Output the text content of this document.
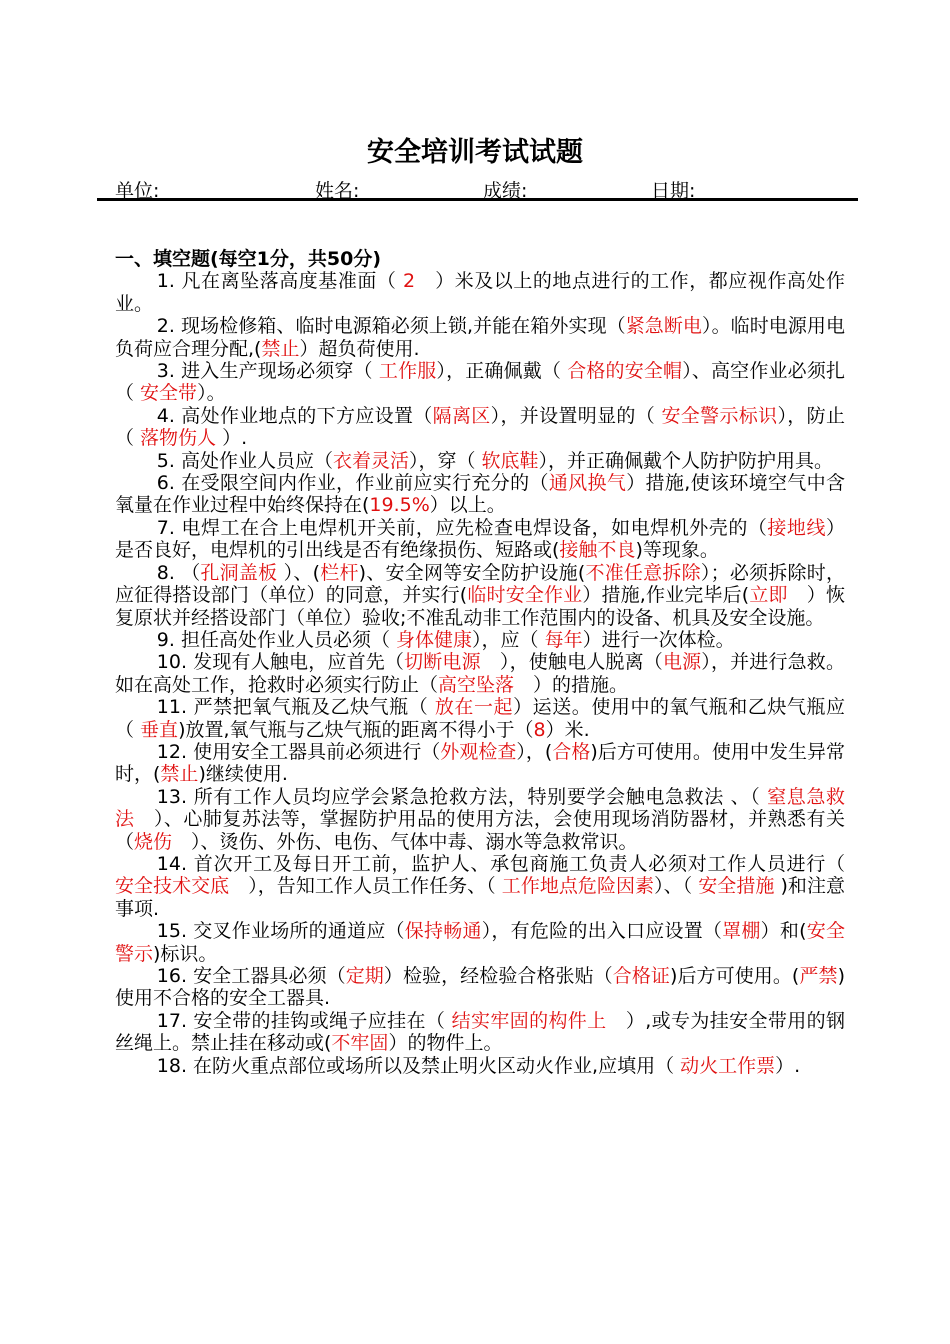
安全培训考试试题
单位:	姓名:	成绩:	日期:

一、填空题(每空1分，共50分)

1. 凡在离坠落高度基准面（ 2　）米及以上的地点进行的工作，都应视作高处作业。

2. 现场检修箱、临时电源箱必须上锁,并能在箱外实现（紧急断电）。临时电源用电负荷应合理分配,(禁止）超负荷使用.

3. 进入生产现场必须穿（ 工作服），正确佩戴（ 合格的安全帽）、高空作业必须扎（ 安全带）。

4. 高处作业地点的下方应设置（隔离区），并设置明显的（ 安全警示标识），防止（ 落物伤人 ）.

5. 高处作业人员应（衣着灵活），穿（ 软底鞋），并正确佩戴个人防护防护用具。

6. 在受限空间内作业，作业前应实行充分的（通风换气）措施,使该环境空气中含氧量在作业过程中始终保持在(19.5%）以上。

7. 电焊工在合上电焊机开关前，应先检查电焊设备，如电焊机外壳的（接地线）是否良好，电焊机的引出线是否有绝缘损伤、短路或(接触不良)等现象。

8. （孔洞盖板 ）、(栏杆)、安全网等安全防护设施(不准任意拆除）；必须拆除时，应征得搭设部门（单位）的同意，并实行(临时安全作业）措施,作业完毕后(立即　）恢复原状并经搭设部门（单位）验收;不准乱动非工作范围内的设备、机具及安全设施。

9. 担任高处作业人员必须（ 身体健康），应（ 每年）进行一次体检。

10. 发现有人触电，应首先（切断电源　），使触电人脱离（电源），并进行急救。如在高处工作，抢救时必须实行防止（高空坠落　）的措施。

11. 严禁把氧气瓶及乙炔气瓶（ 放在一起）运送。使用中的氧气瓶和乙炔气瓶应（ 垂直)放置,氧气瓶与乙炔气瓶的距离不得小于（8）米.

12. 使用安全工器具前必须进行（外观检查），(合格)后方可使用。使用中发生异常时，(禁止)继续使用.

13. 所有工作人员均应学会紧急抢救方法，特别要学会触电急救法 、（ 窒息急救法　）、心肺复苏法等，掌握防护用品的使用方法，会使用现场消防器材，并熟悉有关（烧伤　）、烫伤、外伤、电伤、气体中毒、溺水等急救常识。

14. 首次开工及每日开工前，监护人、承包商施工负责人必须对工作人员进行（ 安全技术交底　），告知工作人员工作任务、（ 工作地点危险因素）、（ 安全措施 )和注意事项.

15. 交叉作业场所的通道应（保持畅通），有危险的出入口应设置（罩棚）和(安全警示)标识。

16. 安全工器具必须（定期）检验，经检验合格张贴（合格证)后方可使用。(严禁)使用不合格的安全工器具.

17. 安全带的挂钩或绳子应挂在（ 结实牢固的构件上　）,或专为挂安全带用的钢丝绳上。禁止挂在移动或(不牢固）的物件上。

18. 在防火重点部位或场所以及禁止明火区动火作业,应填用（ 动火工作票）.
